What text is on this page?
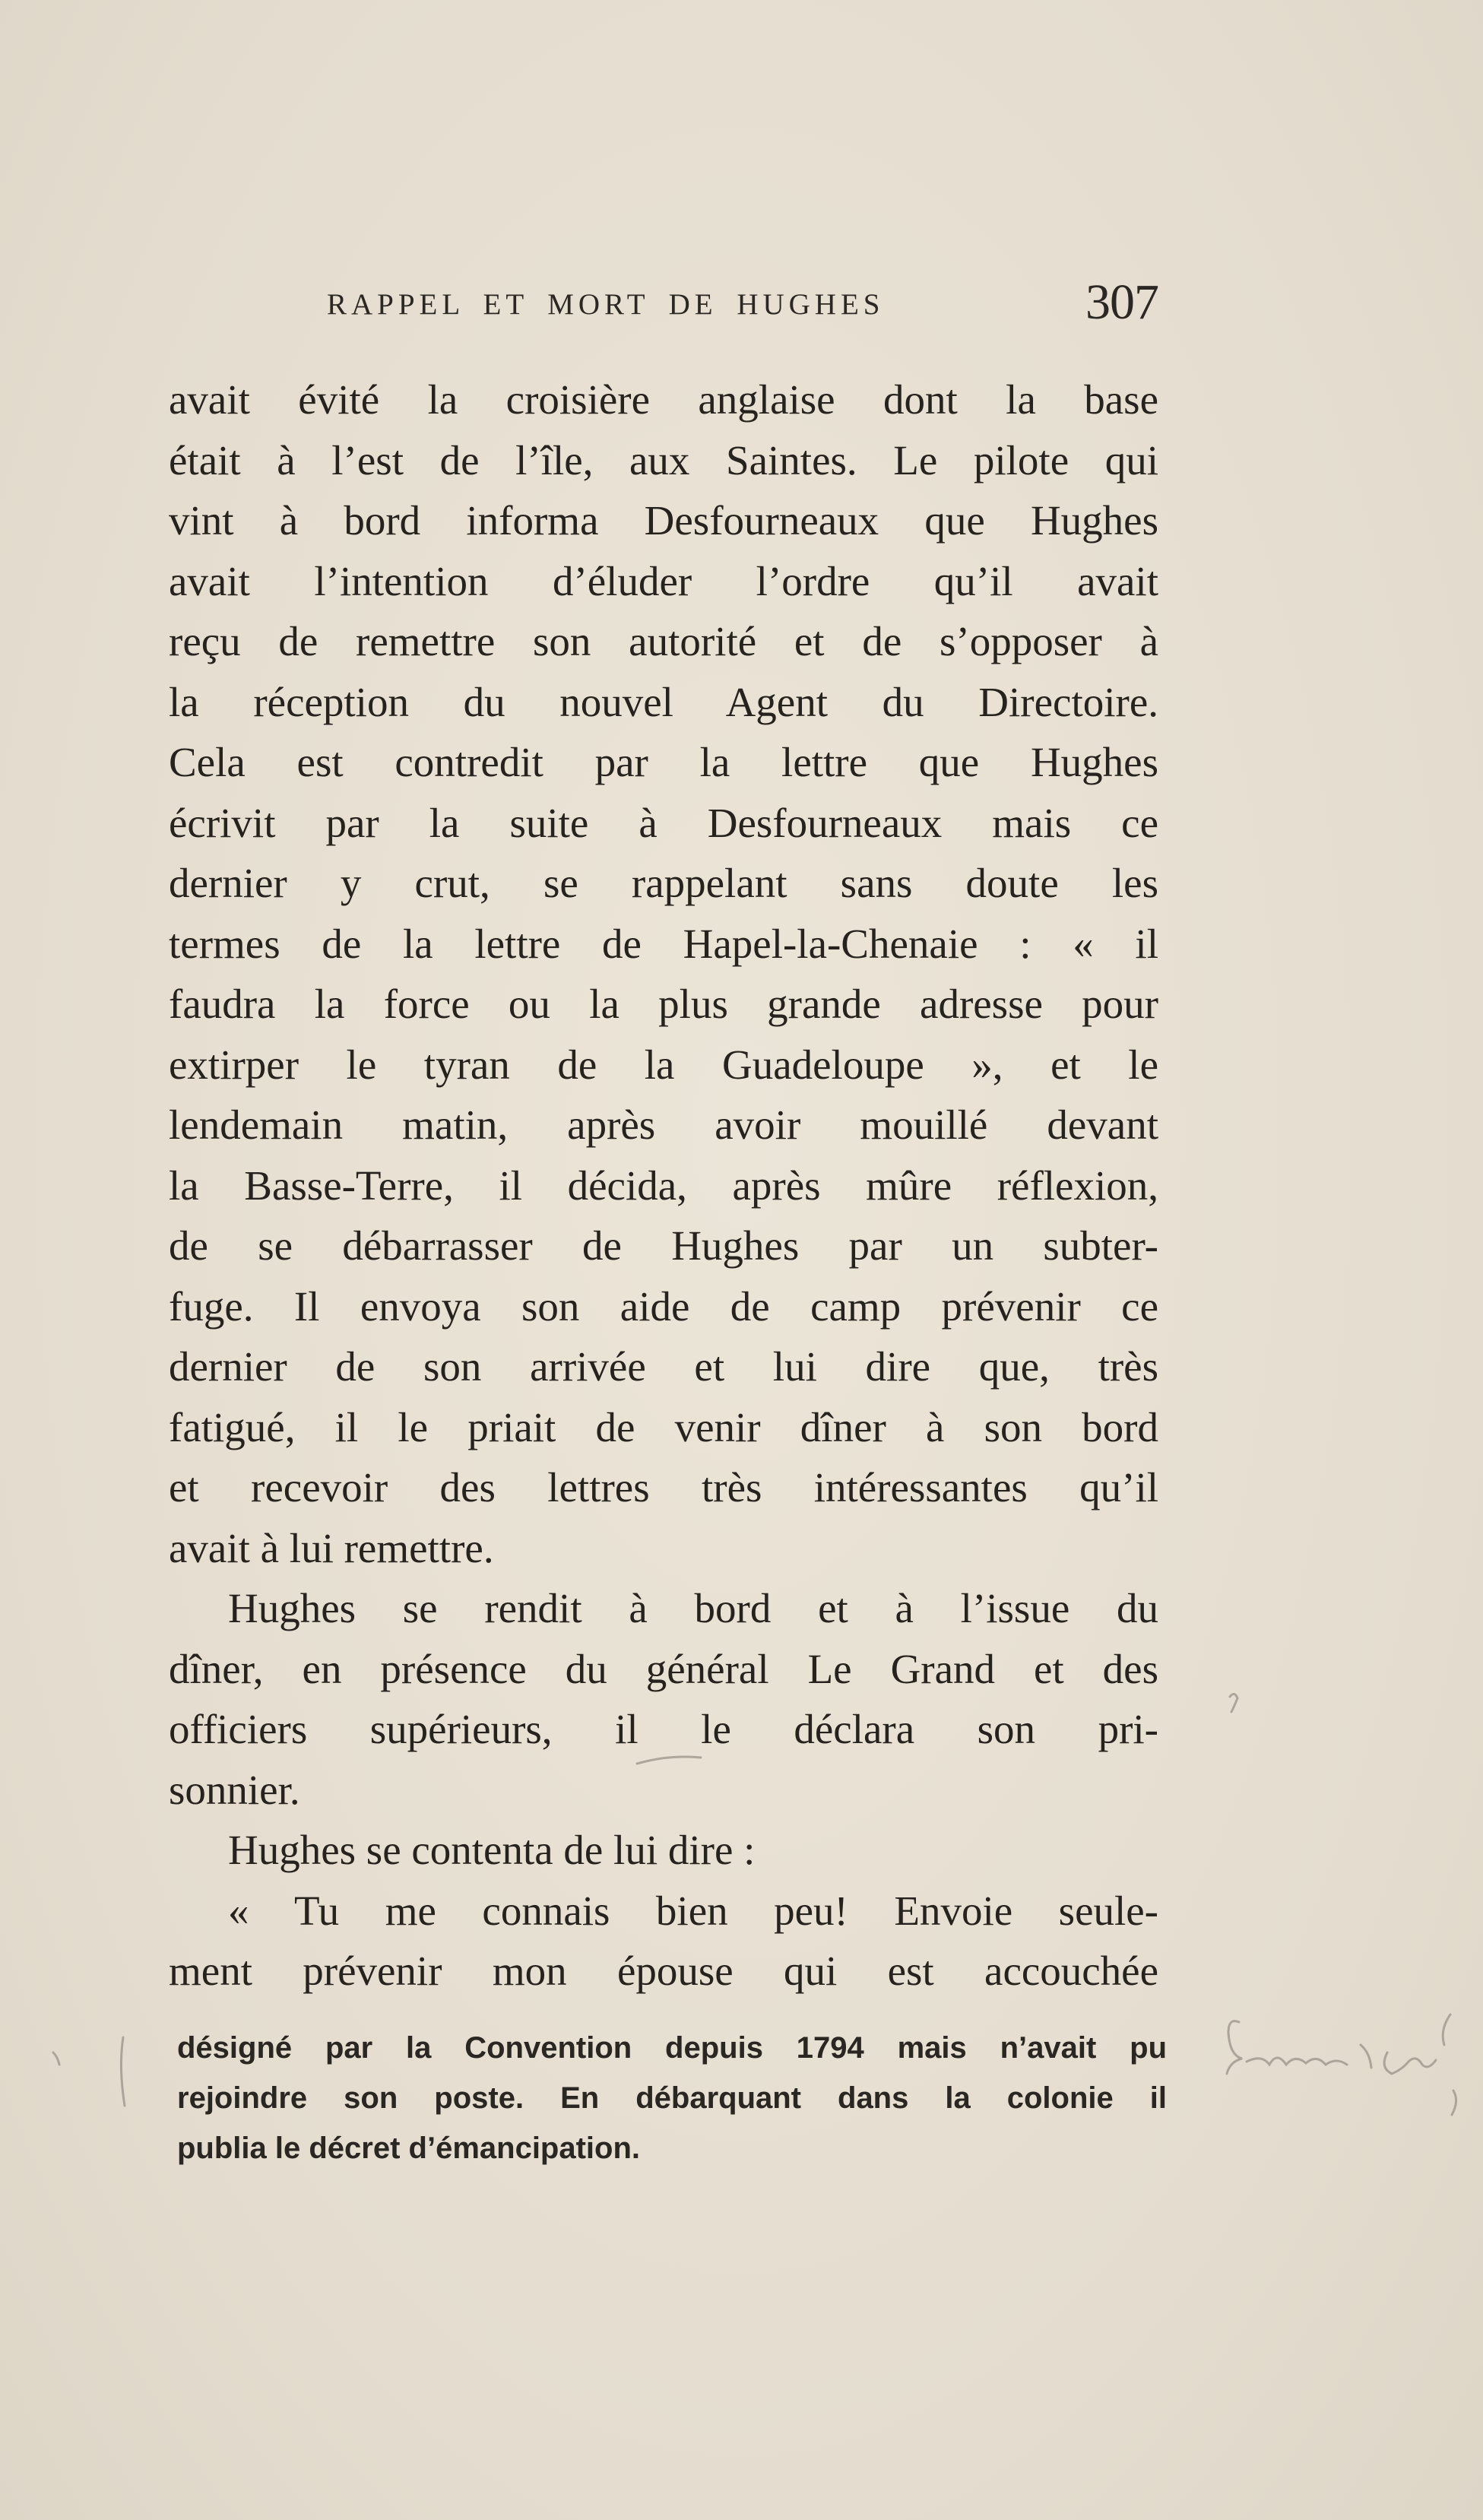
RAPPEL ET MORT DE HUGHES	307
avait évité la croisière anglaise dont la base
était à l’est de l’île, aux Saintes. Le pilote qui
vint à bord informa Desfourneaux que Hughes
avait l’intention d’éluder l’ordre qu’il avait
reçu de remettre son autorité et de s’opposer à
la réception du nouvel Agent du Directoire.
Cela est contredit par la lettre que Hughes
écrivit par la suite à Desfourneaux mais ce
dernier y crut, se rappelant sans doute les
termes de la lettre de Hapel-la-Chenaie : « il
faudra la force ou la plus grande adresse pour
extirper le tyran de la Guadeloupe », et le
lendemain matin, après avoir mouillé devant
la Basse-Terre, il décida, après mûre réflexion,
de se débarrasser de Hughes par un subter-
fuge. Il envoya son aide de camp prévenir ce
dernier de son arrivée et lui dire que, très
fatigué, il le priait de venir dîner à son bord
et recevoir des lettres très intéressantes qu’il
avait à lui remettre.
Hughes se rendit à bord et à l’issue du
dîner, en présence du général Le Grand et des
officiers supérieurs, il le déclara son pri-
sonnier.
Hughes se contenta de lui dire :
« Tu me connais bien peu! Envoie seule-
ment prévenir mon épouse qui est accouchée
désigné par la Convention depuis 1794 mais n’avait pu
rejoindre son poste. En débarquant dans la colonie il
publia le décret d’émancipation.
